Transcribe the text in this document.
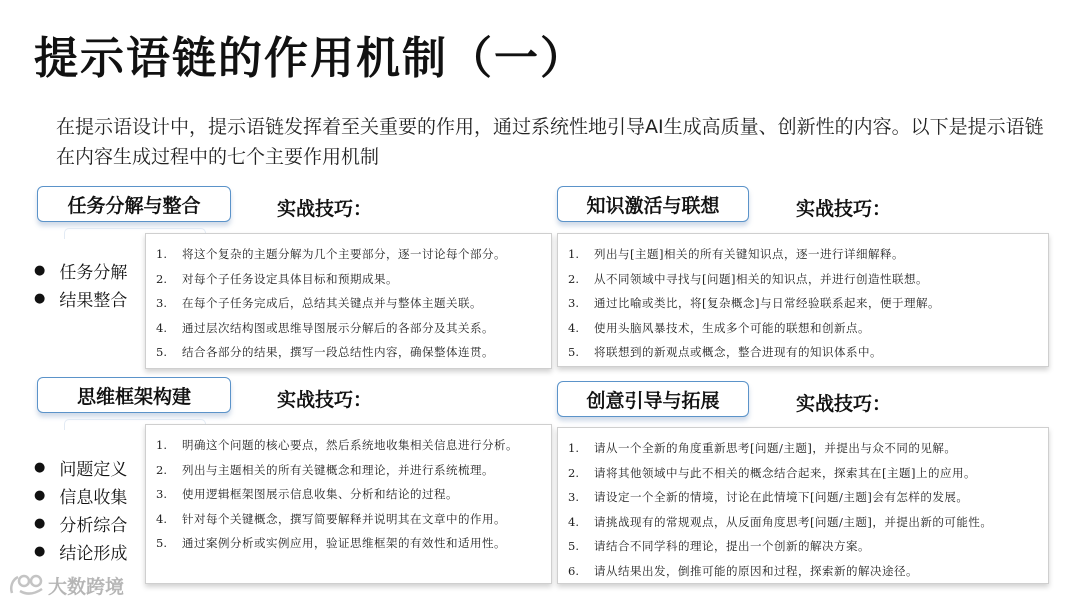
提示语链的作用机制（一）
在提示语设计中，提示语链发挥着至关重要的作用，通过系统性地引导AI生成高质量、创新性的内容。以下是提示语链在内容生成过程中的七个主要作用机制
任务分解与整合	实战技巧：
● 任务分解
● 结果整合
1.	将这个复杂的主题分解为几个主要部分，逐一讨论每个部分。
2.	对每个子任务设定具体目标和预期成果。
3.	在每个子任务完成后，总结其关键点并与整体主题关联。
4.	通过层次结构图或思维导图展示分解后的各部分及其关系。
5.	结合各部分的结果，撰写一段总结性内容，确保整体连贯。
知识激活与联想	实战技巧：
1.	列出与[主题]相关的所有关键知识点，逐一进行详细解释。
2.	从不同领域中寻找与[问题]相关的知识点，并进行创造性联想。
3.	通过比喻或类比，将[复杂概念]与日常经验联系起来，便于理解。
4.	使用头脑风暴技术，生成多个可能的联想和创新点。
5.	将联想到的新观点或概念，整合进现有的知识体系中。
思维框架构建	实战技巧：
● 问题定义
● 信息收集
● 分析综合
● 结论形成
1.	明确这个问题的核心要点，然后系统地收集相关信息进行分析。
2.	列出与主题相关的所有关键概念和理论，并进行系统梳理。
3.	使用逻辑框架图展示信息收集、分析和结论的过程。
4.	针对每个关键概念，撰写简要解释并说明其在文章中的作用。
5.	通过案例分析或实例应用，验证思维框架的有效性和适用性。
创意引导与拓展	实战技巧：
1.	请从一个全新的角度重新思考[问题/主题]，并提出与众不同的见解。
2.	请将其他领域中与此不相关的概念结合起来，探索其在[主题]上的应用。
3.	请设定一个全新的情境，讨论在此情境下[问题/主题]会有怎样的发展。
4.	请挑战现有的常规观点，从反面角度思考[问题/主题]，并提出新的可能性。
5.	请结合不同学科的理论，提出一个创新的解决方案。
6.	请从结果出发，倒推可能的原因和过程，探索新的解决途径。
大数跨境
